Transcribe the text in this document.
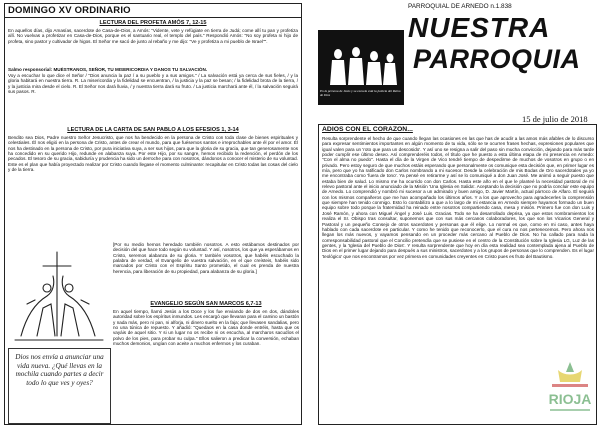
DOMINGO XV ORDINARIO
LECTURA DEL PROFETA AMÓS 7, 12-15
En aquellos días, dijo Amasías, sacerdote de Casa-de-Dios, a Amós: "Vidente, vete y refúgiate en tierra de Judá; come allí tu pan y profetiza allí. No vuelvas a profetizar en Casa-de-Dios, porque es el santuario real, el templo del país." Respondió Amós: "No soy profeta ni hijo de profeta, sino pastor y cultivador de higos. El Señor me sacó de junto al rebaño y me dijo: "Ve y profetiza a mi pueblo de Israel"".
Salmo responsorial: MUÉSTRANOS, SEÑOR, TU MISERICORDIA Y DANOS TU SALVACIÓN.
Voy a escuchar lo que dice el Señor / "Dios anuncia la paz / a su pueblo y a sus amigos." / La salvación está ya cerca de sus fieles, / y la gloria habitará en nuestra tierra. R. La misericordia y la fidelidad se encuentran, / la justicia y la paz se besan; / la fidelidad brota de la tierra, / y la justicia mira desde el cielo. R. El Señor nos dará lluvia, / y nuestra tierra dará su fruto. / La justicia marchará ante él, / la salvación seguirá sus pasos. R.
LECTURA DE LA CARTA DE SAN PABLO A LOS EFESIOS 1, 3-14
Bendito sea Dios, Padre nuestro Señor Jesucristo, que nos ha bendecido en la persona de Cristo con toda clase de bienes espirituales y celestiales. Él nos eligió en la persona de Cristo, antes de crear el mundo, para que fuésemos santos e irreprochables ante él por el amor. Él nos ha destinado en la persona de Cristo, por pura iniciativa suya, a ser sus hijos, para que la gloria de su gracia, que tan generosamente nos ha concedido en su querido Hijo, redunde en alabanza suya. Por este Hijo, por su sangre, hemos recibido la redención, el perdón de los pecados. El tesoro de su gracia, sabiduría y prudencia ha sido un derroche para con nosotros, dándonos a conocer el misterio de su voluntad. Este es el plan que había proyectado realizar por Cristo cuando llegase el momento culminante: recapitular en Cristo todas las cosas del cielo y de la tierra.
[Por su medio hemos heredado también nosotros. A esto estábamos destinados por decisión del que hace todo según su voluntad. Y así, nosotros, los que ya esperábamos en Cristo, seremos alabanza de su gloria. Y también vosotros, que habéis escuchado la palabra de verdad, el Evangelio de vuestra salvación, en el que creísteis, habéis sido marcados por Cristo con el Espíritu Santo prometido, el cual es prenda de nuestra herencia, para liberación de su propiedad, para alabanza de su gloria.]
EVANGELIO SEGÚN SAN MARCOS 6,7-13
En aquel tiempo, llamó Jesús a los Doce y los fue enviando de dos en dos, dándoles autoridad sobre los espíritus inmundos. Les encargó que llevaran para el camino un bastón y nada más, pero ni pan, ni alforja, ni dinero suelto en la faja; que llevasen sandalias, pero no una túnica de repuesto. Y añadió: "Quedaos en la casa donde entréis, hasta que os vayáis de aquel sitio. Y si un lugar no os recibe ni os escucha, al marcharos sacudíos el polvo de los pies, para probar su culpa." Ellos salieron a predicar la conversión, echaban muchos demonios, ungían con aceite a muchos enfermos y los curaban.
Dios nos envía a anunciar una vida nueva. ¿Qué llevas en la mochila cuando partes a decir todo lo que ves y oyes?
PARROQUIAL DE ARNEDO n.1.838
En la persona de Jesús y su escuela está la justicia del Reino de Dios
NUESTRA
PARROQUIA
15 de julio de 2018
ADIOS CON EL CORAZON...
Resulta sorprendente el hecho de que cuando llegan las ocasiones en las que has de acudir a las amos más afables de lo discurso para expresar sentimientos importantes en algún momento de tu vida, sólo se te ocurren frases hechas, expresiones populares que igual valen para un 'roto que para un descosido'. Y así uno se resigna a salir del paso sin mucha convicción, dejando para más tarde poder cumplir ese último deseo. Así comprenderéis todos, el título que he puesto a esta última etapa de mi presencia en Arnedo: "Con el alma no puedo". Hasta el día de la Virgen de Vico tendré tiempo de despedirme de muchos de vosotros en grupo o en privado. Pero estoy seguro de que muchos estáis esperando que personalmente os comunique esta decisión que, en primer lugar es mía, pero que yo ha ratificado don Carlos nombrando a mi sucesor. Desde la celebración de mis Bodas de Oro sacerdotales ya yo me encontraba como 'fuera de tono'. Ya pensé en retirarme y así se lo comuniqué a don Juan José. Me animó a seguir puesto que estaba bien de salud. Lo mismo me ha ocurrido con don Carlos. Hasta este año en el que le planteé la necesidad pastoral de mi relevo pastoral ante el inicio anunciado de la Misión 'Una Iglesia en Salida'. Aceptando la decisión que no podría concluir este equipo de Arnedo. Lo comprendió y nombró mi sucesor a un admirado y buen amigo, D. Javier Martín, actual párroco de Alfaro. El seguirá con los mismos compañeros que me han acompañado los últimos años. Y a los que aprovecho para agradecerles la comprensión que siempre han tenido conmigo. Esto lo contabilizo a que a lo largo de mi estancia en Arnedo siempre hayamos formado un buen equipo sobre todo porque la fraternidad ha reinado entre nosotros compartiendo casa, mesa y misión. Primero fue con don Luis y José Ramón, y ahora con Miguel Ángel y José Luis. Gracias. Todo se ha desarrollado deprisa, ya que estos nombramientos los realiza el Sr. Obispo tras consultar, suponemos que con sus más cercanos colaboradores, los que son los Vicarios General y Pastoral y un pequeño Consejo de otros sacerdotes y personas que él elige. Lo normal es que, como en mi caso, antes haya hablado con cada sacerdote en particular. Y como he tenido que reconocerlo, que el cura no nos pertenecemos. Pero ahora nos llegan los más nuevos, y vayamos pensando en un proceder más cercano al Pueblo de Dios. No ha callado para nada la corresponsabilidad pastoral que el Concilio pretendía que se pusiese en el centro de la Constitución sobre la Iglesia LG, Luz de las gentes, y la 'Iglesia del Pueblo de Dios'. Y resulta sorprendente que hoy en día esta realidad sea contemplada ajena al Pueblo de Dios en el primer lugar dejando para después a sus ministros, sacerdotes y a los grupos de personas que lo comprenden. Es el lugar 'teológico' que nos encontramos por vez primera en comunidades creyentes en Cristo pues es fruto del Bautismo.
RIOJA
